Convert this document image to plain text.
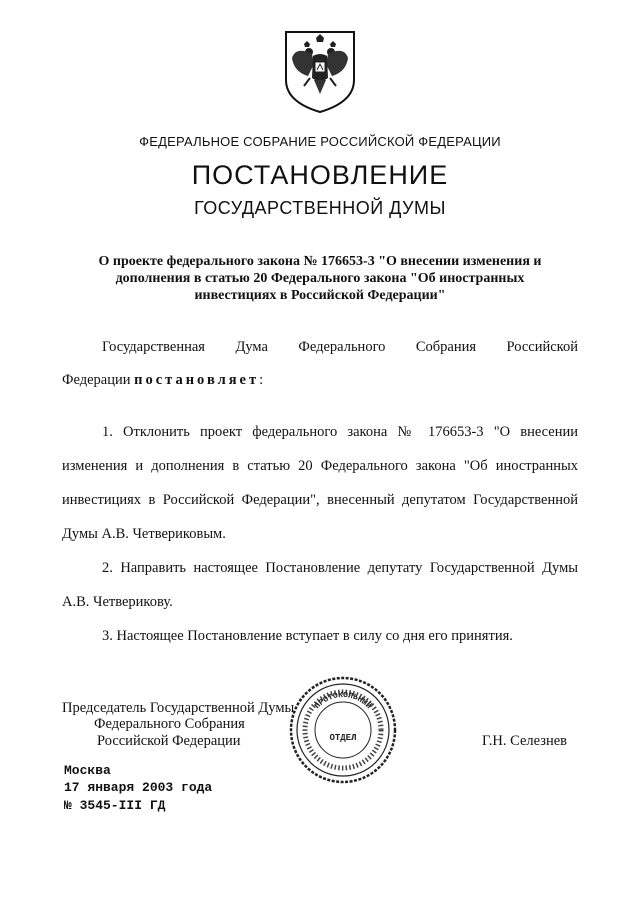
ФЕДЕРАЛЬНОЕ СОБРАНИЕ РОССИЙСКОЙ ФЕДЕРАЦИИ
ПОСТАНОВЛЕНИЕ
ГОСУДАРСТВЕННОЙ ДУМЫ
О проекте федерального закона № 176653-3 "О внесении изменения и
дополнения в статью 20 Федерального закона "Об иностранных
инвестициях в Российской Федерации"
Государственная Дума Федерального Собрания Российской
Федерации постановляет:
1. Отклонить проект федерального закона № 176653-3 "О внесении
изменения и дополнения в статью 20 Федерального закона "Об иностранных
инвестициях в Российской Федерации", внесенный депутатом Государственной
Думы А.В. Четвериковым.
2. Направить настоящее Постановление депутату Государственной Думы
А.В. Четверикову.
3. Настоящее Постановление вступает в силу со дня его принятия.
Председатель Государственной Думы
Федерального Собрания
Российской Федерации	Г.Н. Селезнев
ПРОТОКОЛЬНЫЙ
ОТДЕЛ
Москва
17 января 2003 года
№ 3545-III ГД
